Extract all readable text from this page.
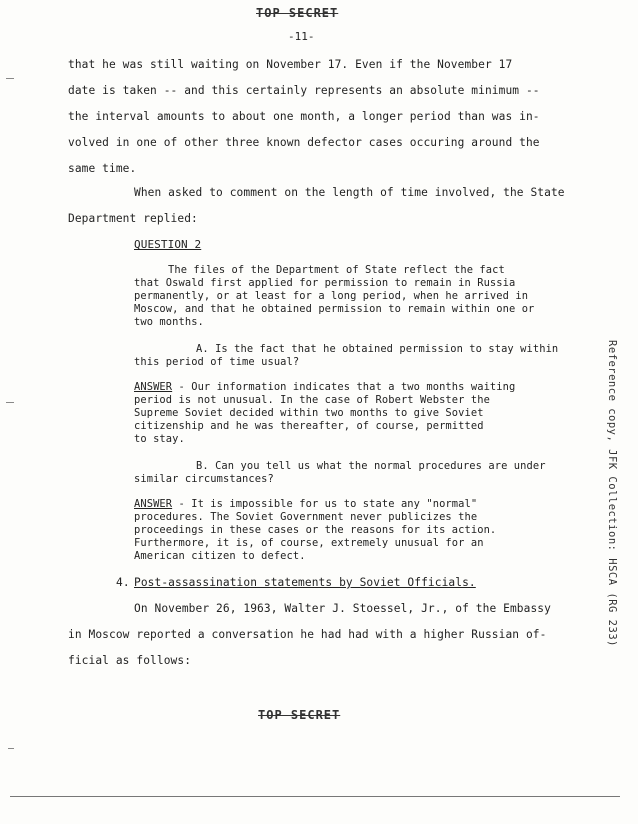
TOP SECRET
-11-
that he was still waiting on November 17. Even if the November 17
date is taken -- and this certainly represents an absolute minimum --
the interval amounts to about one month, a longer period than was in-
volved in one of other three known defector cases occuring around the
same time.
When asked to comment on the length of time involved, the State
Department replied:
QUESTION 2
The files of the Department of State reflect the fact
that Oswald first applied for permission to remain in Russia
permanently, or at least for a long period, when he arrived in
Moscow, and that he obtained permission to remain within one or
two months.
A. Is the fact that he obtained permission to stay within
this period of time usual?
ANSWER - Our information indicates that a two months waiting
period is not unusual. In the case of Robert Webster the
Supreme Soviet decided within two months to give Soviet
citizenship and he was thereafter, of course, permitted
to stay.
B. Can you tell us what the normal procedures are under
similar circumstances?
ANSWER - It is impossible for us to state any "normal"
procedures. The Soviet Government never publicizes the
proceedings in these cases or the reasons for its action.
Furthermore, it is, of course, extremely unusual for an
American citizen to defect.
4. Post-assassination statements by Soviet Officials.
On November 26, 1963, Walter J. Stoessel, Jr., of the Embassy
in Moscow reported a conversation he had had with a higher Russian of-
ficial as follows:
TOP SECRET
Reference copy, JFK Collection: HSCA (RG 233)
